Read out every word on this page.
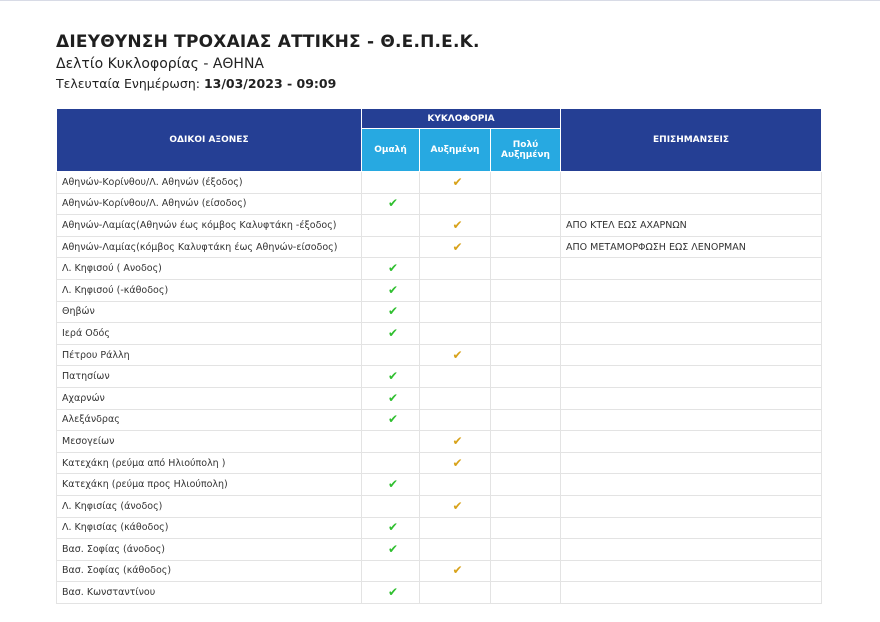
ΔΙΕΥΘΥΝΣΗ ΤΡΟΧΑΙΑΣ ΑΤΤΙΚΗΣ - Θ.Ε.Π.Ε.Κ.
Δελτίο Κυκλοφορίας - ΑΘΗΝΑ
Τελευταία Ενημέρωση: 13/03/2023 - 09:09
ΟΔΙΚΟΙ ΑΞΟΝΕΣ	ΚΥΚΛΟΦΟΡΙΑ			ΕΠΙΣΗΜΑΝΣΕΙΣ
	Ομαλή	Αυξημένη	Πολύ
Αυξημένη	
Αθηνών-Κορίνθου/Λ. Αθηνών (έξοδος)		✔		
Αθηνών-Κορίνθου/Λ. Αθηνών (είσοδος)	✔			
Αθηνών-Λαμίας(Αθηνών έως κόμβος Καλυφτάκη -έξοδος)		✔		ΑΠΟ ΚΤΕΛ ΕΩΣ ΑΧΑΡΝΩΝ
Αθηνών-Λαμίας(κόμβος Καλυφτάκη έως Αθηνών-είσοδος)		✔		ΑΠΟ ΜΕΤΑΜΟΡΦΩΣΗ ΕΩΣ ΛΕΝΟΡΜΑΝ
Λ. Κηφισού ( Ανοδος)	✔			
Λ. Κηφισού (-κάθοδος)	✔			
Θηβών	✔			
Ιερά Οδός	✔			
Πέτρου Ράλλη		✔		
Πατησίων	✔			
Αχαρνών	✔			
Αλεξάνδρας	✔			
Μεσογείων		✔		
Κατεχάκη (ρεύμα από Ηλιούπολη )		✔		
Κατεχάκη (ρεύμα προς Ηλιούπολη)	✔			
Λ. Κηφισίας (άνοδος)		✔		
Λ. Κηφισίας (κάθοδος)	✔			
Βασ. Σοφίας (άνοδος)	✔			
Βασ. Σοφίας (κάθοδος)		✔		
Βασ. Κωνσταντίνου	✔			
